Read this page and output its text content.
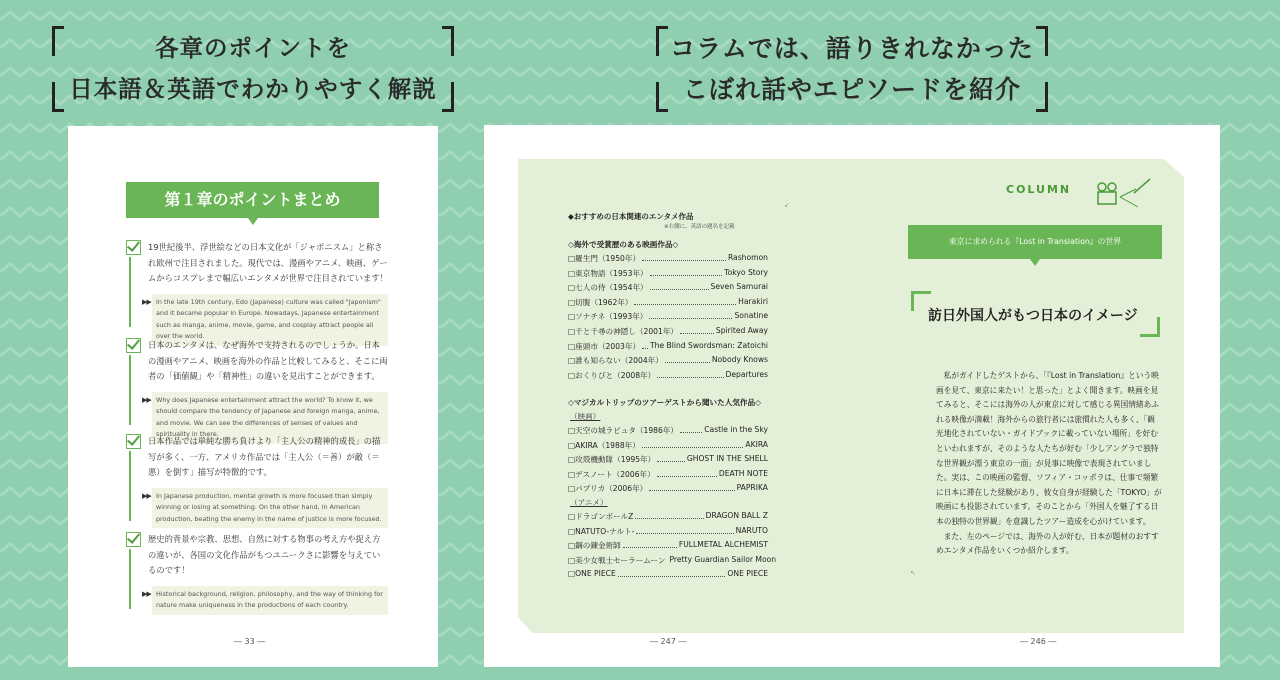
各章のポイントを
日本語＆英語でわかりやすく解説
コラムでは、語りきれなかった
こぼれ話やエピソードを紹介
第１章のポイントまとめ
19世紀後半、浮世絵などの日本文化が「ジャポニスム」と称され欧州で注目されました。現代では、漫画やアニメ、映画、ゲームからコスプレまで幅広いエンタメが世界で注目されています！
▶▶ In the late 19th century, Edo (Japanese) culture was called "Japonism" and it became popular in Europe. Nowadays, Japanese entertainment such as manga, anime, movie, game, and cosplay attract people all over the world.
日本のエンタメは、なぜ海外で支持されるのでしょうか。日本の漫画やアニメ、映画を海外の作品と比較してみると、そこに両者の「価値観」や「精神性」の違いを見出すことができます。
▶▶ Why does Japanese entertainment attract the world? To know it, we should compare the tendency of Japanese and foreign manga, anime, and movie. We can see the differences of senses of values and spirituality in there.
日本作品では単純な勝ち負けより「主人公の精神的成長」の描写が多く、一方、アメリカ作品では「主人公（＝善）が敵（＝悪）を倒す」描写が特徴的です。
▶▶ In Japanese production, mental growth is more focused than simply winning or losing at something. On the other hand, in American production, beating the enemy in the name of justice is more focused.
歴史的背景や宗教、思想、自然に対する物事の考え方や捉え方の違いが、各国の文化作品がもつユニークさに影響を与えているのです！
▶▶ Historical background, religion, philosophy, and the way of thinking for nature make uniqueness in the productions of each country.
― 33 ―
◆おすすめの日本関連のエンタメ作品
※右側に、英語の題名を記載
↙
◇海外で受賞歴のある映画作品◇
□羅生門（1950年）	Rashomon
□東京物語（1953年）	Tokyo Story
□七人の侍（1954年）	Seven Samurai
□切腹（1962年）	Harakiri
□ソナチネ（1993年）	Sonatine
□千と千尋の神隠し（2001年）	Spirited Away
□座頭市（2003年） The Blind Swordsman: Zatoichi
□誰も知らない（2004年）	Nobody Knows
□おくりびと（2008年）	Departures
◇マジカルトリップのツアーゲストから聞いた人気作品◇
（映画）
□天空の城ラピュタ（1986年）	Castle in the Sky
□AKIRA（1988年）	AKIRA
□攻殻機動隊（1995年）	GHOST IN THE SHELL
□デスノート（2006年）	DEATH NOTE
□パプリカ（2006年）	PAPRIKA
（アニメ）
□ドラゴンボールZ	DRAGON BALL Z
□NATUTO-ナルト-	NARUTO
□鋼の錬金術師	FULLMETAL ALCHEMIST
□美少女戦士セーラームーン Pretty Guardian Sailor Moon
□ONE PIECE	ONE PIECE
COLUMN
東京に求められる『Lost in Translation』の世界
訪日外国人がもつ日本のイメージ
　私がガイドしたゲストから、「『Lost in Translation』という映画を見て、東京に来たい！と思った」とよく聞きます。映画を見てみると、そこには海外の人が東京に対して感じる異国情緒あふれる映像が満載！海外からの旅行者には旅慣れた人も多く、「観光地化されていない・ガイドブックに載っていない場所」を好むといわれますが、そのような人たちが好む「少しアングラで独特な世界観が漂う東京の一面」が見事に映像で表現されていました。実は、この映画の監督、ソフィア・コッポラは、仕事で頻繁に日本に滞在した経験があり、彼女自身が経験した「TOKYO」が映画にも投影されています。そのことから「外国人を魅了する日本の独特の世界観」を意識したツアー造成を心がけています。
　また、左のページでは、海外の人が好む、日本が題材のおすすめエンタメ作品をいくつか紹介します。
↖
― 247 ―	― 246 ―
